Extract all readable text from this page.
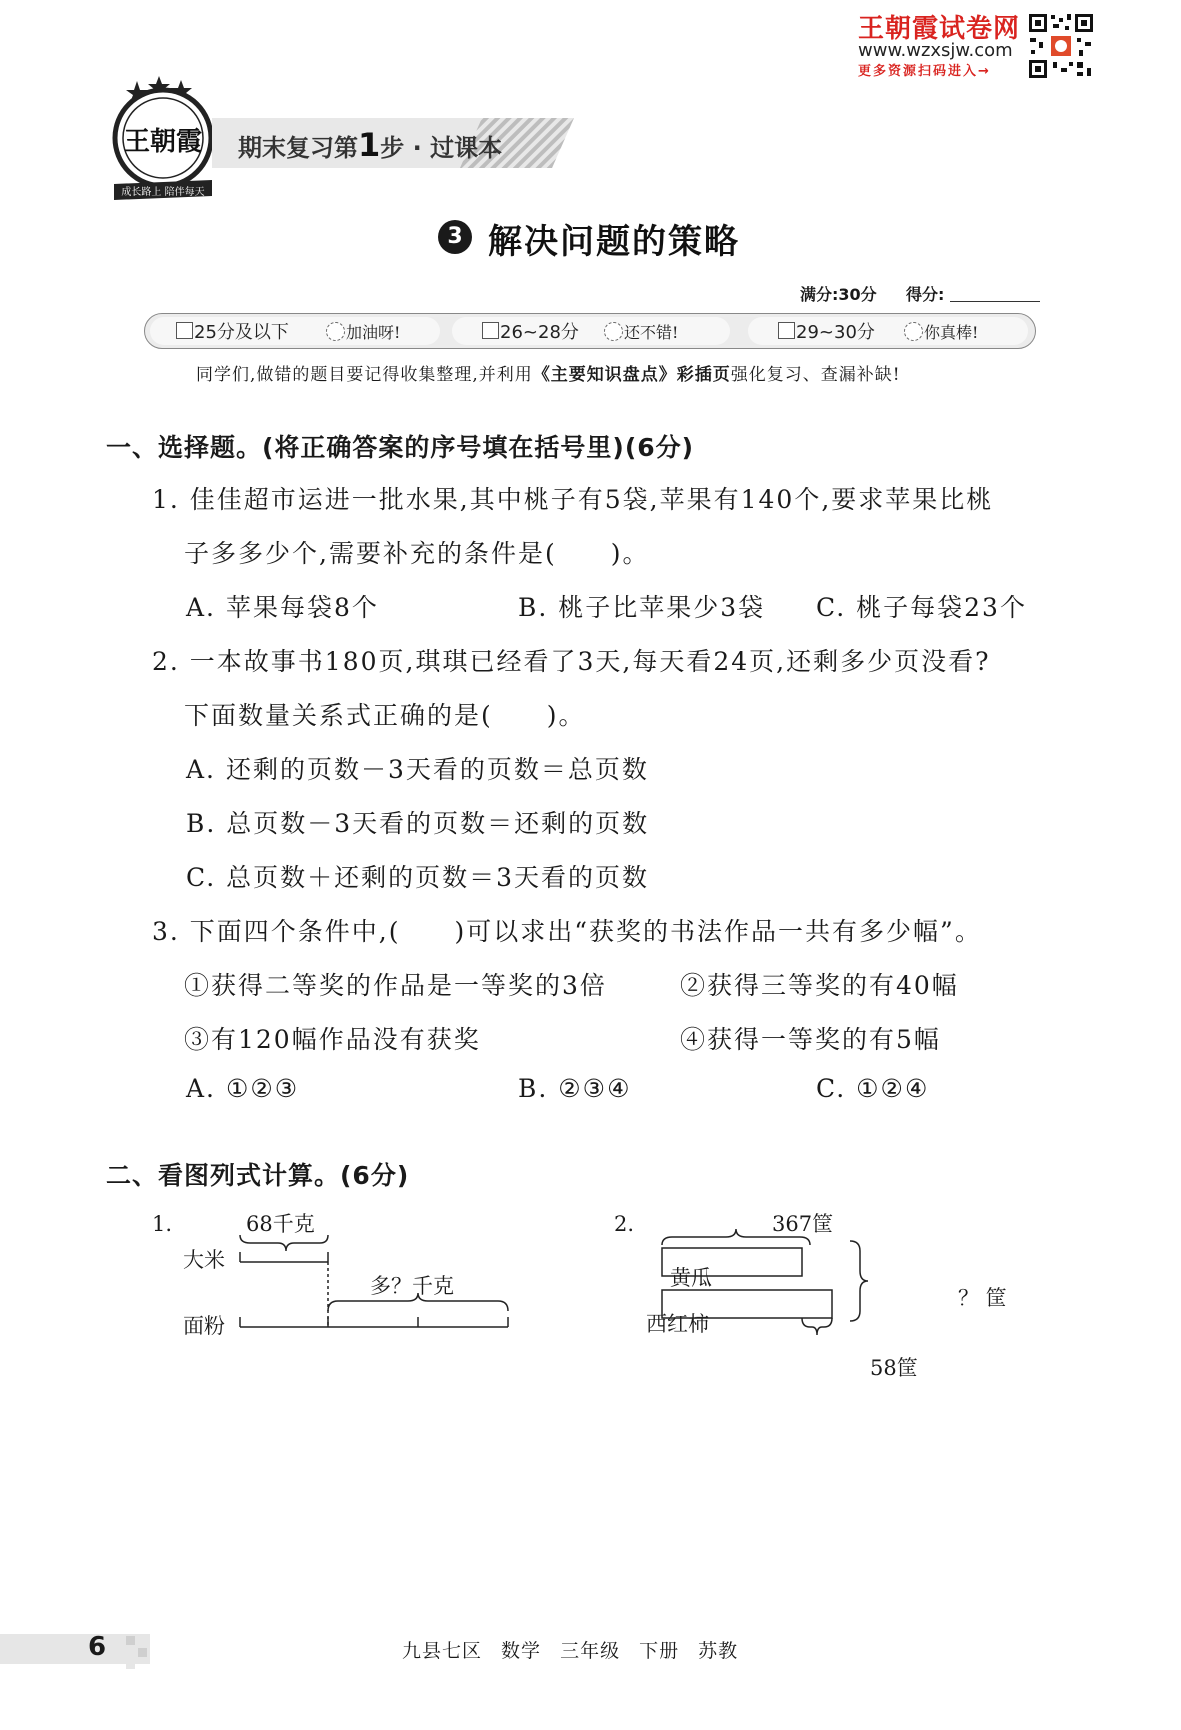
王朝霞试卷网
www.wzxsjw.com
更多资源扫码进入→
王朝霞
成长路上 陪伴每天
期末复习第1步 · 过课本
3 解决问题的策略
满分:30分 得分:
25分及以下	加油呀!	26~28分	还不错!	29~30分	你真棒!
同学们,做错的题目要记得收集整理,并利用《主要知识盘点》彩插页强化复习、查漏补缺!
一、选择题。(将正确答案的序号填在括号里)(6分)
1. 佳佳超市运进一批水果,其中桃子有5袋,苹果有140个,要求苹果比桃
子多多少个,需要补充的条件是(　　)。
A. 苹果每袋8个	B. 桃子比苹果少3袋 C. 桃子每袋23个
2. 一本故事书180页,琪琪已经看了3天,每天看24页,还剩多少页没看?
下面数量关系式正确的是(　　)。
A. 还剩的页数－3天看的页数＝总页数
B. 总页数－3天看的页数＝还剩的页数
C. 总页数＋还剩的页数＝3天看的页数
3. 下面四个条件中,(　　)可以求出“获奖的书法作品一共有多少幅”。
①获得二等奖的作品是一等奖的3倍	②获得三等奖的有40幅
③有120幅作品没有获奖	④获得一等奖的有5幅
A. ①②③	B. ②③④	C. ①②④
二、看图列式计算。(6分)
1.	68千克
大米
面粉
多？千克
2.	367筐
黄瓜
西红柿
？ 筐
58筐
6	九县七区 数学 三年级 下册 苏教
